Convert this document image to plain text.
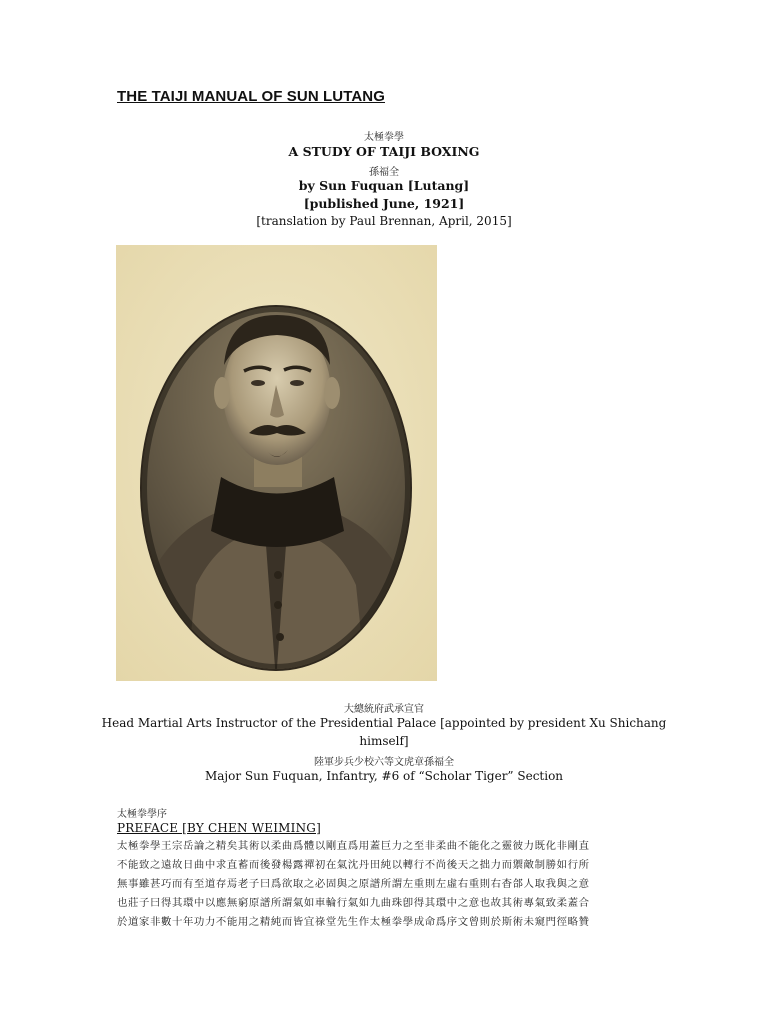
THE TAIJI MANUAL OF SUN LUTANG
太極拳學
A STUDY OF TAIJI BOXING
孫福全
by Sun Fuquan [Lutang]
[published June, 1921]
[translation by Paul Brennan, April, 2015]
大總統府武承宣官
Head Martial Arts Instructor of the Presidential Palace [appointed by president Xu Shichang
himself]
陸軍步兵少校六等文虎章孫福全
Major Sun Fuquan, Infantry, #6 of “Scholar Tiger” Section
太極拳學序
PREFACE [BY CHEN WEIMING]
太極拳學王宗岳論之精矣其術以柔曲爲體以剛直爲用蓋巨力之至非柔曲不能化之靈彼力既化非剛直
不能致之遠故日曲中求直蓄而後發楊露禪初在氣沈丹田純以轉行不尚後天之拙力而禦敵制勝如行所
無事雖甚巧而有至道存焉老子曰爲欲取之必固與之原譜所謂左重則左虛右重則右杳郃人取我與之意
也莊子曰得其環中以應無窮原譜所謂氣如車輪行氣如九曲珠卽得其環中之意也故其術專氣致柔蓋合
於道家非數十年功力不能用之精純而皆宜祿堂先生作太極拳學成命爲序文曾則於斯術未窺門徑略贊
